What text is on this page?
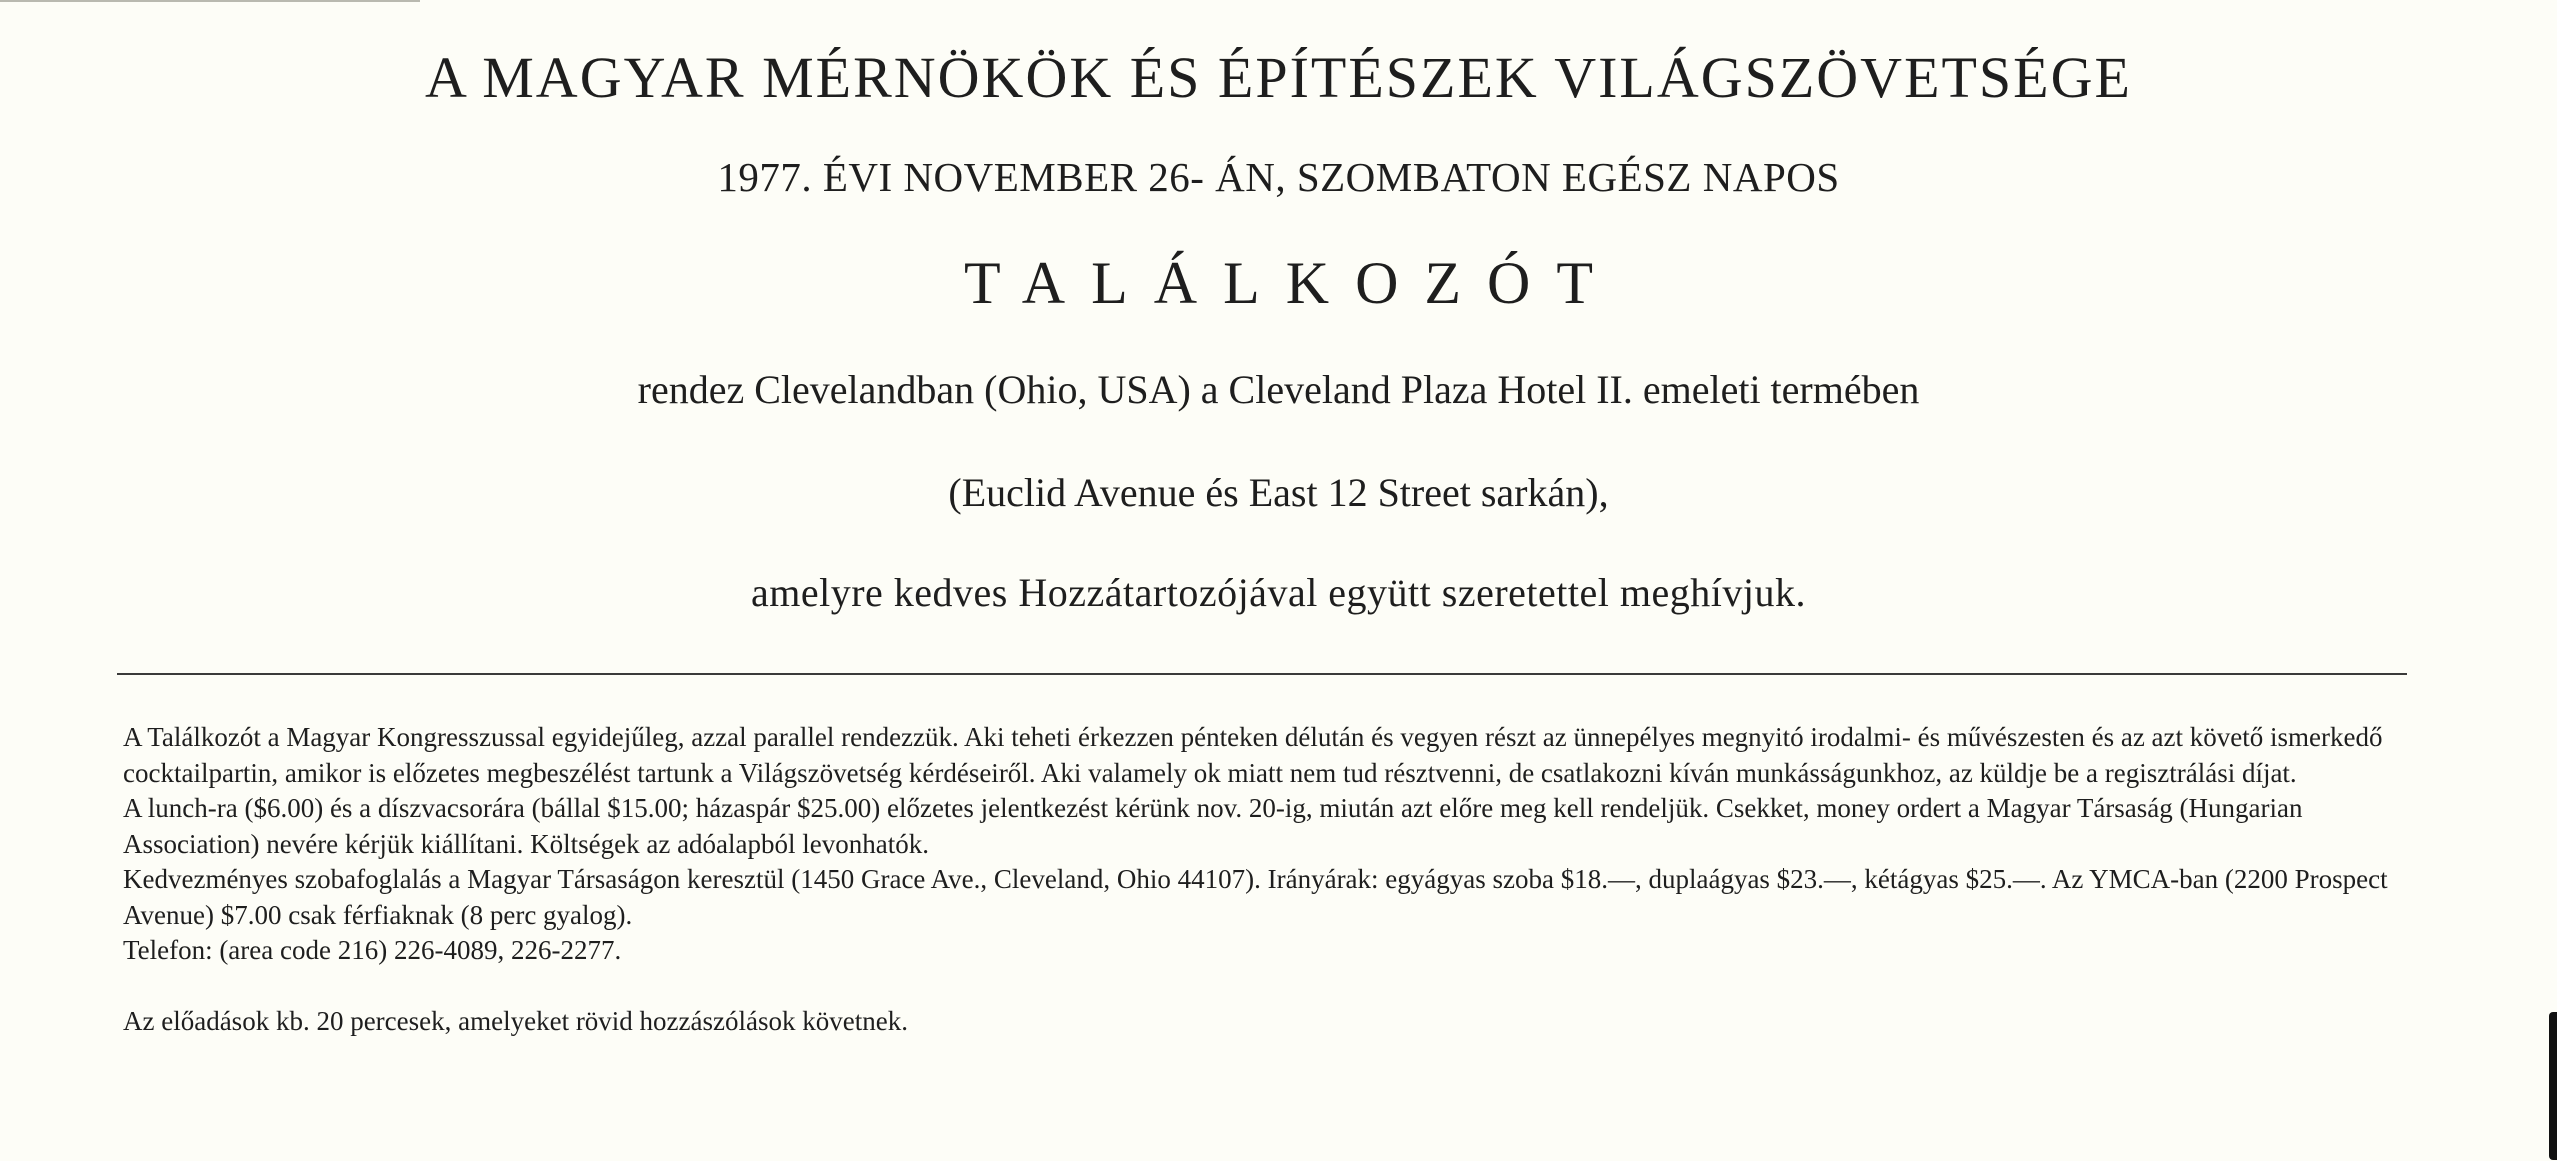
A MAGYAR MÉRNÖKÖK ÉS ÉPÍTÉSZEK VILÁGSZÖVETSÉGE
1977. ÉVI NOVEMBER 26- ÁN, SZOMBATON EGÉSZ NAPOS
TALÁLKOZÓT
rendez Clevelandban (Ohio, USA) a Cleveland Plaza Hotel II. emeleti termében
(Euclid Avenue és East 12 Street sarkán),
amelyre kedves Hozzátartozójával együtt szeretettel meghívjuk.

A Találkozót a Magyar Kongresszussal egyidejűleg, azzal parallel rendezzük. Aki teheti érkezzen pénteken délután és vegyen részt az ünnepélyes megnyitó irodalmi- és művészesten és az azt követő ismerkedő cocktailpartin, amikor is előzetes megbeszélést tartunk a Világszövetség kérdéseiről. Aki valamely ok miatt nem tud résztvenni, de csatlakozni kíván munkásságunkhoz, az küldje be a regisztrálási díjat.

A lunch-ra ($6.00) és a díszvacsorára (bállal $15.00; házaspár $25.00) előzetes jelentkezést kérünk nov. 20-ig, miután azt előre meg kell rendeljük. Csekket, money ordert a Magyar Társaság (Hungarian Association) nevére kérjük kiállítani. Költségek az adóalapból levonhatók.

Kedvezményes szobafoglalás a Magyar Társaságon keresztül (1450 Grace Ave., Cleveland, Ohio 44107). Irányárak: egyágyas szoba $18.—, duplaágyas $23.—, kétágyas $25.—. Az YMCA-ban (2200 Prospect Avenue) $7.00 csak férfiaknak (8 perc gyalog).

Telefon: (area code 216) 226-4089, 226-2277.

Az előadások kb. 20 percesek, amelyeket rövid hozzászólások követnek.
